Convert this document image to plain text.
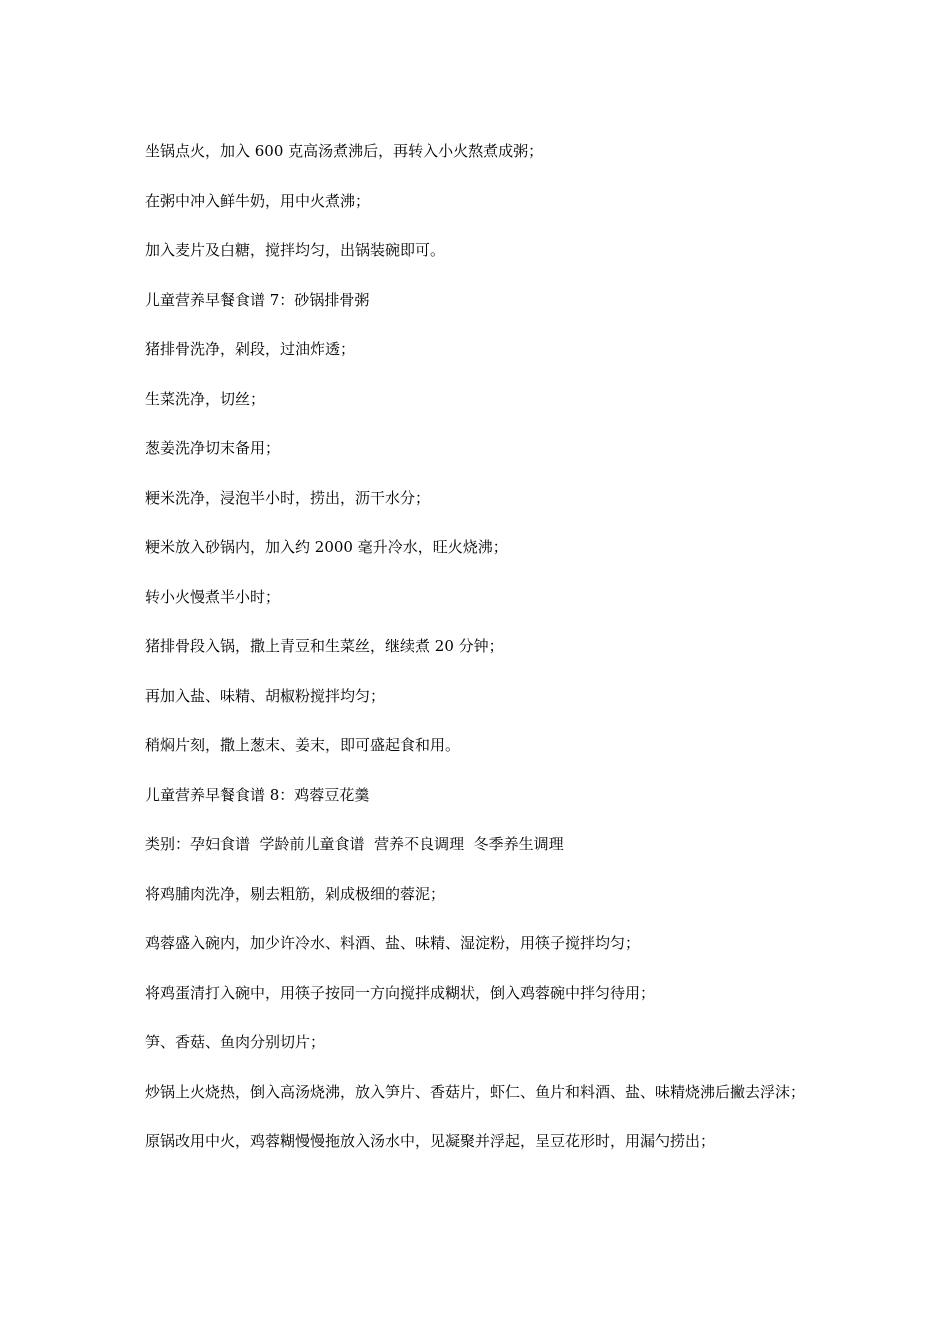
坐锅点火，加入 600 克高汤煮沸后，再转入小火熬煮成粥；

在粥中冲入鲜牛奶，用中火煮沸；

加入麦片及白糖，搅拌均匀，出锅装碗即可。

儿童营养早餐食谱 7：砂锅排骨粥

猪排骨洗净，剁段，过油炸透；

生菜洗净，切丝；

葱姜洗净切末备用；

粳米洗净，浸泡半小时，捞出，沥干水分；

粳米放入砂锅内，加入约 2000 毫升冷水，旺火烧沸；

转小火慢煮半小时；

猪排骨段入锅，撒上青豆和生菜丝，继续煮 20 分钟；

再加入盐、味精、胡椒粉搅拌均匀；

稍焖片刻，撒上葱末、姜末，即可盛起食和用。

儿童营养早餐食谱 8：鸡蓉豆花羹

类别：孕妇食谱  学龄前儿童食谱  营养不良调理  冬季养生调理

将鸡脯肉洗净，剔去粗筋，剁成极细的蓉泥；

鸡蓉盛入碗内，加少许冷水、料酒、盐、味精、湿淀粉，用筷子搅拌均匀；

将鸡蛋清打入碗中，用筷子按同一方向搅拌成糊状，倒入鸡蓉碗中拌匀待用；

笋、香菇、鱼肉分别切片；

炒锅上火烧热，倒入高汤烧沸，放入笋片、香菇片，虾仁、鱼片和料酒、盐、味精烧沸后撇去浮沫；

原锅改用中火，鸡蓉糊慢慢拖放入汤水中，见凝聚并浮起，呈豆花形时，用漏勺捞出；
